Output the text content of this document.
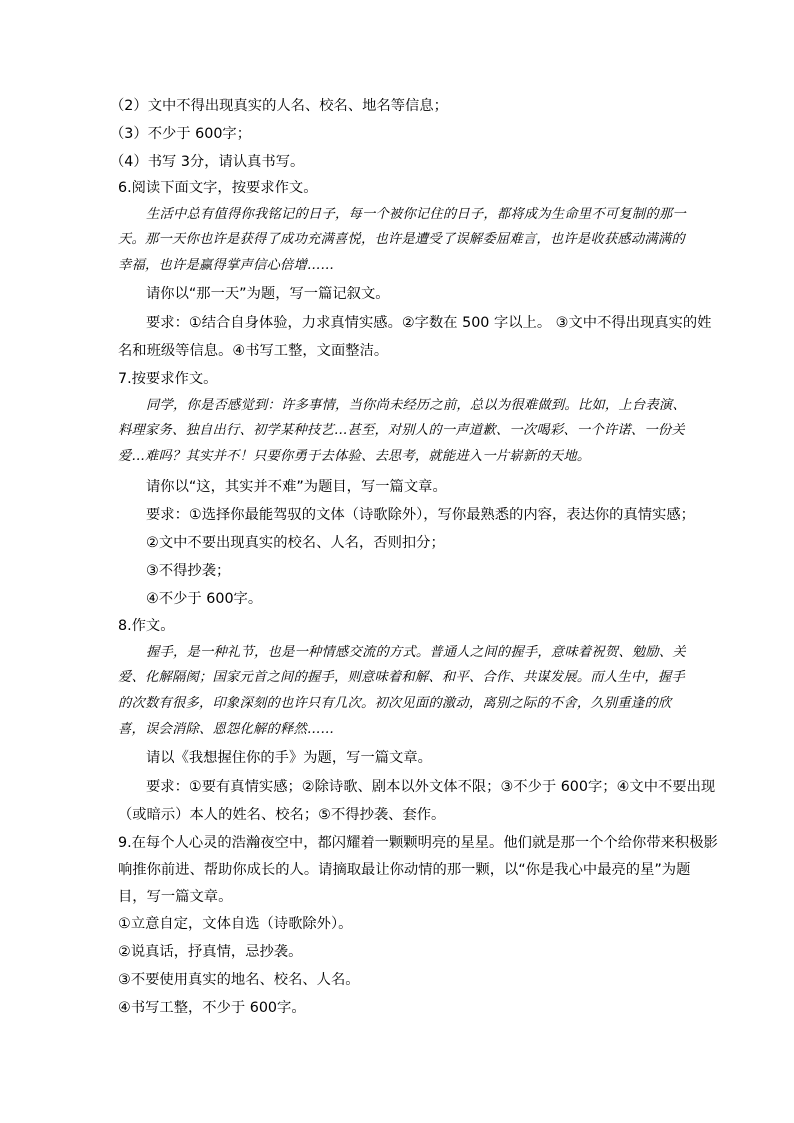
（2）文中不得出现真实的人名、校名、地名等信息；
（3）不少于 600字；
（4）书写 3分，请认真书写。
6.阅读下面文字，按要求作文。
生活中总有值得你我铭记的日子，每一个被你记住的日子，都将成为生命里不可复制的那一
天。那一天你也许是获得了成功充满喜悦，也许是遭受了误解委屈难言，也许是收获感动满满的
幸福，也许是赢得掌声信心倍增……
请你以“那一天”为题，写一篇记叙文。
要求：①结合自身体验，力求真情实感。②字数在 500 字以上。 ③文中不得出现真实的姓
名和班级等信息。④书写工整，文面整洁。
7.按要求作文。
同学，你是否感觉到：许多事情，当你尚未经历之前，总以为很难做到。比如，上台表演、
料理家务、独自出行、初学某种技艺…甚至，对别人的一声道歉、一次喝彩、一个许诺、一份关
爱…难吗？其实并不！只要你勇于去体验、去思考，就能进入一片崭新的天地。
请你以“这，其实并不难”为题目，写一篇文章。
要求：①选择你最能驾驭的文体（诗歌除外），写你最熟悉的内容，表达你的真情实感；
②文中不要出现真实的校名、人名，否则扣分；
③不得抄袭；
④不少于 600字。
8.作文。
握手，是一种礼节，也是一种情感交流的方式。普通人之间的握手，意味着祝贺、勉励、关
爱、化解隔阂；国家元首之间的握手，则意味着和解、和平、合作、共谋发展。而人生中，握手
的次数有很多，印象深刻的也许只有几次。初次见面的激动，离别之际的不舍，久别重逢的欣
喜，误会消除、恩怨化解的释然……
请以《我想握住你的手》为题，写一篇文章。
要求：①要有真情实感；②除诗歌、剧本以外文体不限；③不少于 600字；④文中不要出现
（或暗示）本人的姓名、校名；⑤不得抄袭、套作。
9.在每个人心灵的浩瀚夜空中，都闪耀着一颗颗明亮的星星。他们就是那一个个给你带来积极影
响推你前进、帮助你成长的人。请摘取最让你动情的那一颗，以“你是我心中最亮的星”为题
目，写一篇文章。
①立意自定，文体自选（诗歌除外）。
②说真话，抒真情，忌抄袭。
③不要使用真实的地名、校名、人名。
④书写工整，不少于 600字。
